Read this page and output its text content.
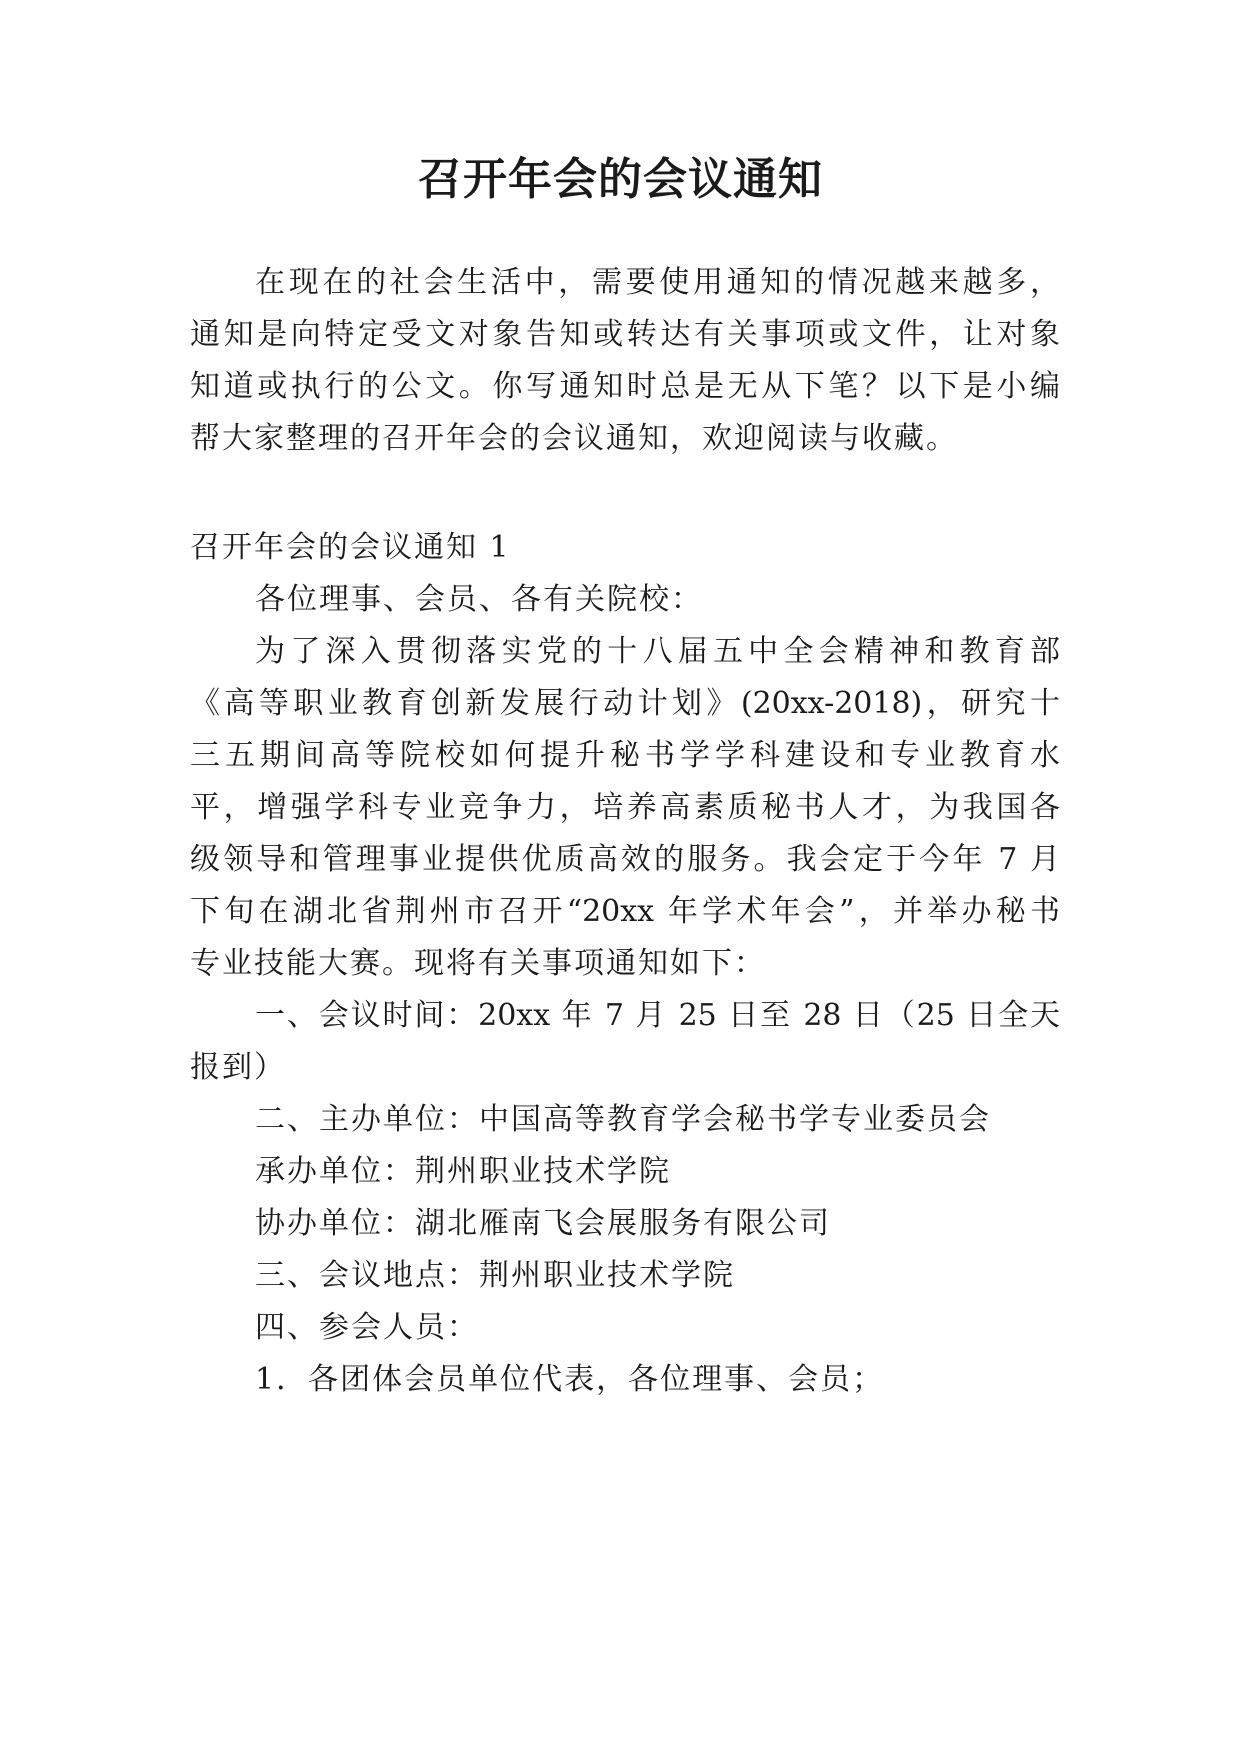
召开年会的会议通知
在现在的社会生活中，需要使用通知的情况越来越多，
通知是向特定受文对象告知或转达有关事项或文件，让对象
知道或执行的公文。你写通知时总是无从下笔？以下是小编
帮大家整理的召开年会的会议通知，欢迎阅读与收藏。
召开年会的会议通知 1
各位理事、会员、各有关院校：
为了深入贯彻落实党的十八届五中全会精神和教育部
《高等职业教育创新发展行动计划》(20xx-2018)，研究十
三五期间高等院校如何提升秘书学学科建设和专业教育水
平，增强学科专业竞争力，培养高素质秘书人才，为我国各
级领导和管理事业提供优质高效的服务。我会定于今年 7 月
下旬在湖北省荆州市召开“20xx 年学术年会”，并举办秘书
专业技能大赛。现将有关事项通知如下：
一、会议时间：20xx 年 7 月 25 日至 28 日（25 日全天
报到）
二、主办单位：中国高等教育学会秘书学专业委员会
承办单位：荆州职业技术学院
协办单位：湖北雁南飞会展服务有限公司
三、会议地点：荆州职业技术学院
四、参会人员：
1．各团体会员单位代表，各位理事、会员；
